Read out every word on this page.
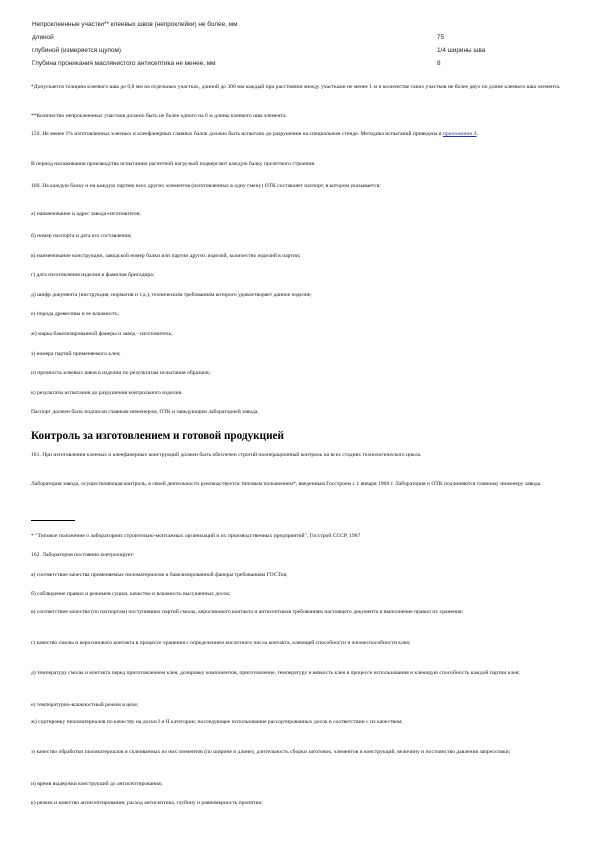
Непроклеенные участки** клеевых швов (непроклейки) не более, мм	
длиной	75
глубиной (измеряется щупом)	1/4 ширины шва
Глубина проникания маслянистого антисептика не менее, мм	8

*Допускается толщина клеевого шва до 0,8 мм на отдельных участках, длиной до 300 мм каждый при расстоянии между участками не менее 1 м и количестве таких участков не более двух по длине клеевого шва элемента.

**Количество непроклеенных участков должно быть не более одного на 6 м длины клеевого шва элемента.

159. Не менее 1% изготовленных клееных и клеефанерных главных балок должно быть испытано до разрушения на специальном стенде. Методика испытаний приведена в приложении 4.

В период налаживания производства испытанию расчетной нагрузкой подвергают каждую балку пролетного строения.

160. На каждую балку и на каждую партию всех других элементов (изготовленных в одну смену) ОТК составляет паспорт, в котором указывается:

а) наименование и адрес завода-изготовителя;

б) номер паспорта и дата его составления;

в) наименование конструкции, заводской номер балки или партии других изделий, количество изделий в партии;

г) дата изготовления изделия и фамилия бригадира;

д) шифр документа (инструкция, норматив и т.д.), техническим требованиям которого удовлетворяет данное изделие;

е) порода древесины и ее влажность;

ж) марка бакелизированной фанеры и завод - изготовитель;

з) номера партий применяемого клея;

и) прочность клеевых швов в изделии по результатам испытания образцов;

к) результаты испытания до разрушения контрольного изделия.

Паспорт должен быть подписан главным инженером, ОТК и заведующим лабораторией завода.

Контроль за изготовлением и готовой продукцией

161. При изготовлении клееных и клеефанерных конструкций должен быть обеспечен строгий пооперационный контроль на всех стадиях технологического цикла.

Лаборатория завода, осуществляющая контроль, в своей деятельности руководствуется типовым положением*, введенным Госстроем с 1 января 1968 г. Лаборатория и ОТК подчиняются главному инженеру завода.

* "Типовое положение о лабораториях строительно-монтажных организаций и их производственных предприятий", Госстрой СССР, 1967

162. Лаборатория постоянно контролирует:

а) соответствие качества применяемых пиломатериалов и бакелизированной фанеры требованиям ГОСТов;

б) соблюдение правил и режимов сушки, качество и влажность высушенных досок;

в) соответствие качества (по паспортам) поступивших партий смолы, керосинового контакта и антисептиков требованиям настоящего документа и выполнение правил их хранения;

г) качество смолы и керосинового контакта в процессе хранения с определением кислотного числа контакта, клеющей способности и жизнеспособности клея;

д) температуру смолы и контакта перед приготовлением клея, дозировку компонентов, приготовление, температуру и вязкость клея в процессе использования и клеющую способность каждой партии клея;

е) температурно-влажностный режим в цехе;

ж) сортировку пиломатериалов по качеству на доски I и II категории; последующее использование рассортированных досок в соответствии с их качеством;

з) качество обработки пиломатериалов и склеиваемых из них элементов (по ширине и длине), длительность сборки заготовок, элементов и конструкций, величину и постоянство давления запрессовки;

и) время выдержки конструкций до антисептирования;

к) режим и качество антисептирования; расход антисептика, глубину и равномерность пропитки;
